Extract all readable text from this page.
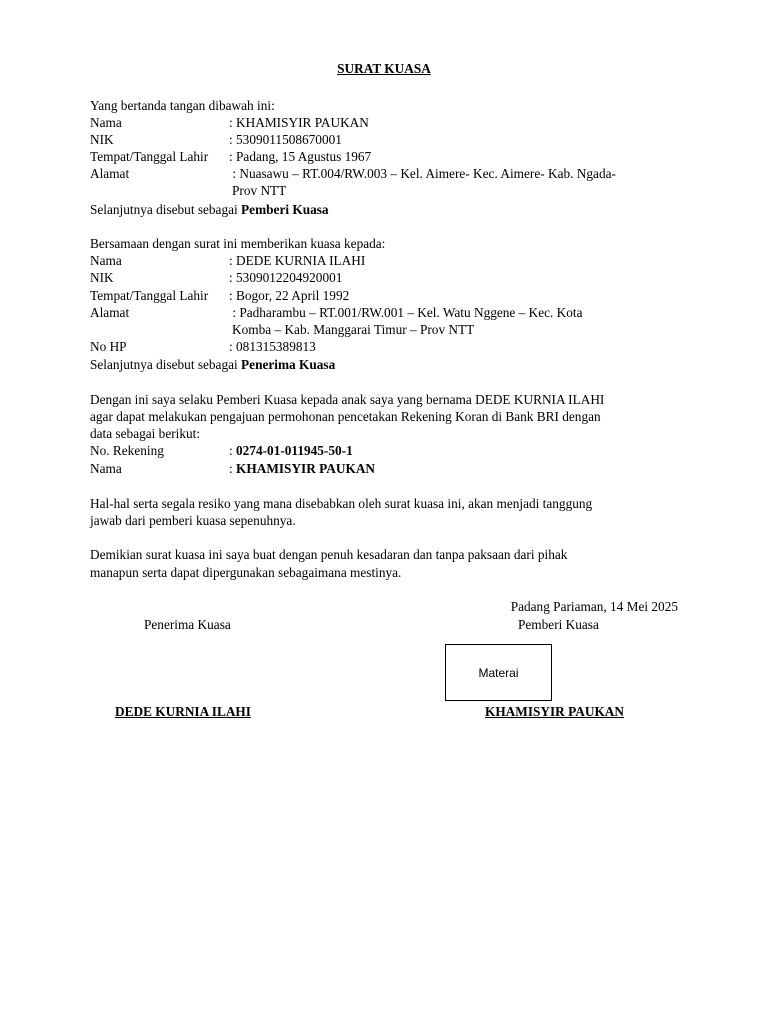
SURAT KUASA
Yang bertanda tangan dibawah ini:
Nama	: KHAMISYIR PAUKAN
NIK	: 5309011508670001
Tempat/Tanggal Lahir : Padang, 15 Agustus 1967
Alamat	: Nuasawu – RT.004/RW.003 – Kel. Aimere- Kec. Aimere- Kab. Ngada-
Prov NTT
Selanjutnya disebut sebagai Pemberi Kuasa
Bersamaan dengan surat ini memberikan kuasa kepada:
Nama	: DEDE KURNIA ILAHI
NIK	: 5309012204920001
Tempat/Tanggal Lahir : Bogor, 22 April 1992
Alamat	: Padharambu – RT.001/RW.001 – Kel. Watu Nggene – Kec. Kota
Komba – Kab. Manggarai Timur – Prov NTT
No HP	: 081315389813
Selanjutnya disebut sebagai Penerima Kuasa
Dengan ini saya selaku Pemberi Kuasa kepada anak saya yang bernama DEDE KURNIA ILAHI
agar dapat melakukan pengajuan permohonan pencetakan Rekening Koran di Bank BRI dengan
data sebagai berikut:
No. Rekening	: 0274-01-011945-50-1
Nama	: KHAMISYIR PAUKAN
Hal-hal serta segala resiko yang mana disebabkan oleh surat kuasa ini, akan menjadi tanggung
jawab dari pemberi kuasa sepenuhnya.
Demikian surat kuasa ini saya buat dengan penuh kesadaran dan tanpa paksaan dari pihak
manapun serta dapat dipergunakan sebagaimana mestinya.
Padang Pariaman, 14 Mei 2025
Penerima Kuasa	Pemberi Kuasa
Materai
DEDE KURNIA ILAHI	KHAMISYIR PAUKAN
